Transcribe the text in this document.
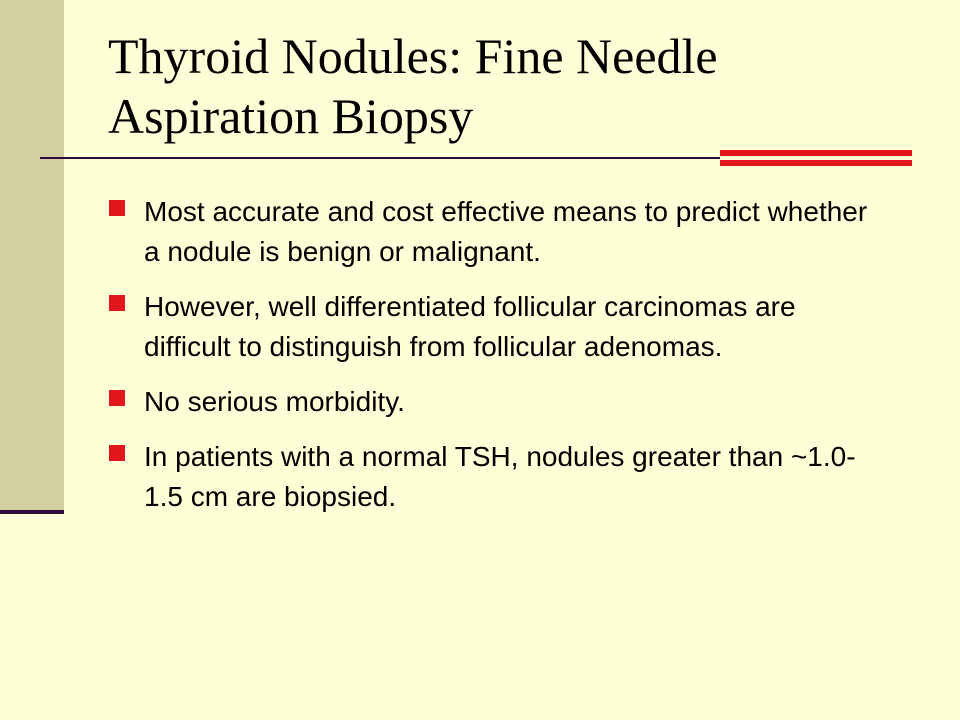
Thyroid Nodules: Fine Needle Aspiration Biopsy
Most accurate and cost effective means to predict whether a nodule is benign or malignant.
However, well differentiated follicular carcinomas are difficult to distinguish from follicular adenomas.
No serious morbidity.
In patients with a normal TSH, nodules greater than ~1.0-1.5 cm are biopsied.
